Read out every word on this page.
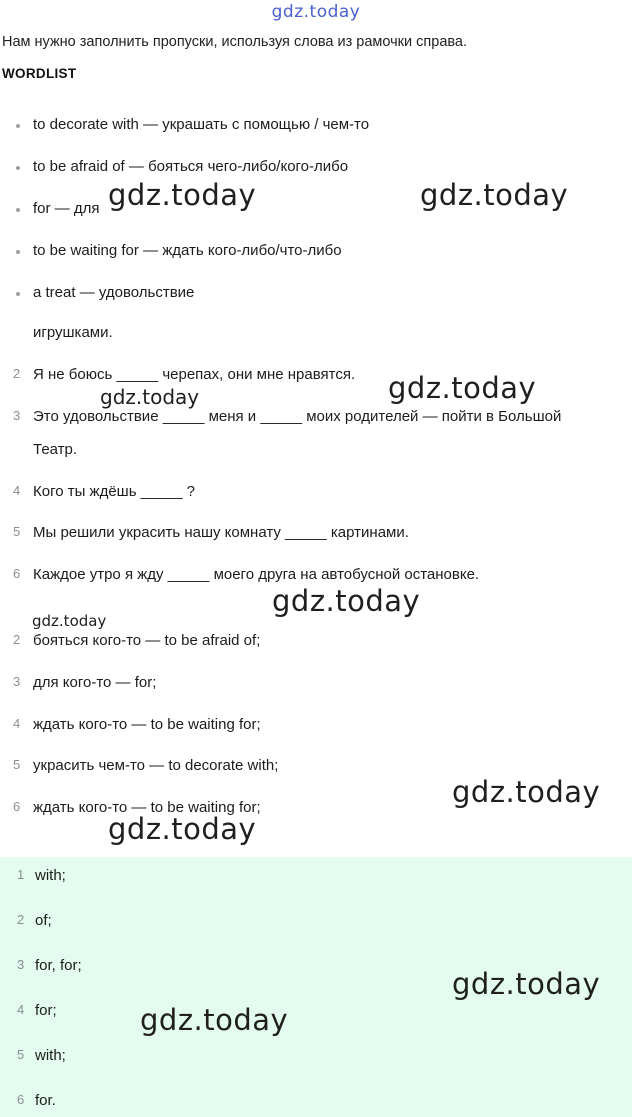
gdz.today
Нам нужно заполнить пропуски, используя слова из рамочки справа.
WORDLIST
to decorate with — украшать с помощью / чем-то
to be afraid of — бояться чего-либо/кого-либо
for — для
to be waiting for — ждать кого-либо/что-либо
a treat — удовольствие
игрушками.
2 Я не боюсь _____ черепах, они мне нравятся.
3 Это удовольствие _____ меня и _____ моих родителей — пойти в Большой
Театр.
4 Кого ты ждёшь _____ ?
5 Мы решили украсить нашу комнату _____ картинами.
6 Каждое утро я жду _____ моего друга на автобусной остановке.
2 бояться кого-то — to be afraid of;
3 для кого-то — for;
4 ждать кого-то — to be waiting for;
5 украсить чем-то — to decorate with;
6 ждать кого-то — to be waiting for;
1 with;
2 of;
3 for, for;
4 for;
5 with;
6 for.
gdz.today	gdz.today
gdz.today	gdz.today
gdz.today
gdz.today
gdz.today
gdz.today
gdz.today
gdz.today
